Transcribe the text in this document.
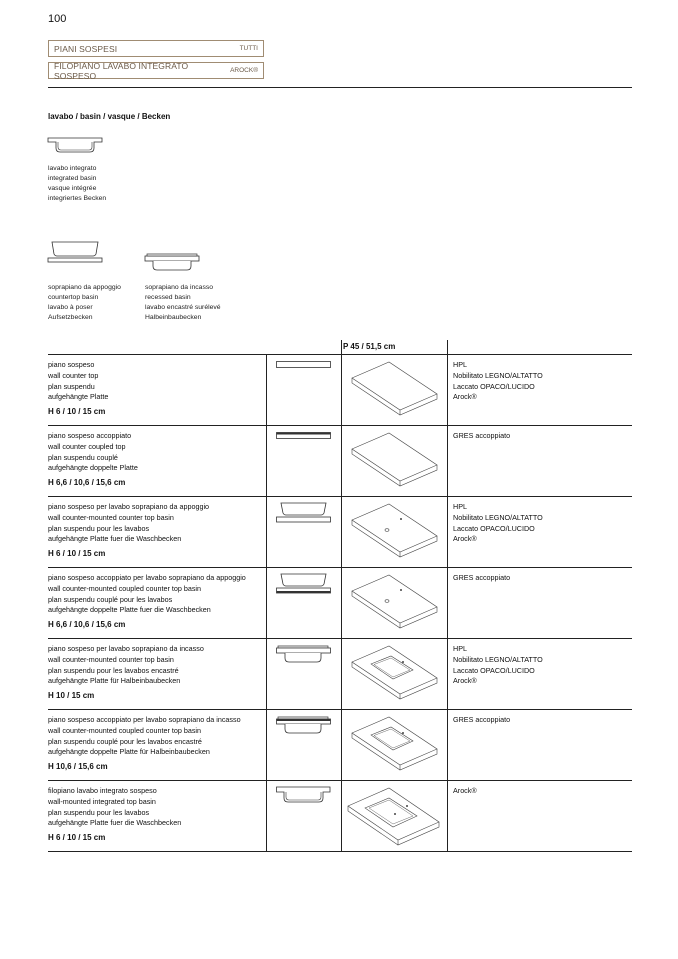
100
PIANI SOSPESI	TUTTI
FILOPIANO LAVABO INTEGRATO SOSPESO	AROCK®
lavabo / basin / vasque / Becken
lavabo integrato
integrated basin
vasque intégrée
integriertes Becken
soprapiano da appoggio
countertop basin
lavabo à poser
Aufsetzbecken
soprapiano da incasso
recessed basin
lavabo encastré surélevé
Halbeinbaubecken
P 45 / 51,5 cm
piano sospeso
wall counter top
plan suspendu
aufgehängte Platte
H 6 / 10 / 15 cm
HPL
Nobilitato LEGNO/ALTATTO
Laccato OPACO/LUCIDO
Arock®
piano sospeso accoppiato
wall counter coupled top
plan suspendu couplé
aufgehängte doppelte Platte
H 6,6 / 10,6 / 15,6 cm
GRES accoppiato
piano sospeso per lavabo soprapiano da appoggio
wall counter-mounted counter top basin
plan suspendu pour les lavabos
aufgehängte Platte fuer die Waschbecken
H 6 / 10 / 15 cm
HPL
Nobilitato LEGNO/ALTATTO
Laccato OPACO/LUCIDO
Arock®
piano sospeso accoppiato per lavabo soprapiano da appoggio
wall counter-mounted coupled counter top basin
plan suspendu couplé pour les lavabos
aufgehängte doppelte Platte fuer die Waschbecken
H 6,6 / 10,6 / 15,6 cm
GRES accoppiato
piano sospeso per lavabo soprapiano da incasso
wall counter-mounted counter top basin
plan suspendu pour les lavabos encastré
aufgehängte Platte für Halbeinbaubecken
H 10 / 15 cm
HPL
Nobilitato LEGNO/ALTATTO
Laccato OPACO/LUCIDO
Arock®
piano sospeso accoppiato per lavabo soprapiano da incasso
wall counter-mounted coupled counter top basin
plan suspendu couplé pour les lavabos encastré
aufgehängte doppelte Platte für Halbeinbaubecken
H 10,6 / 15,6 cm
GRES accoppiato
filopiano lavabo integrato sospeso
wall-mounted integrated top basin
plan suspendu pour les lavabos
aufgehängte Platte fuer die Waschbecken
H 6 / 10 / 15 cm
Arock®
